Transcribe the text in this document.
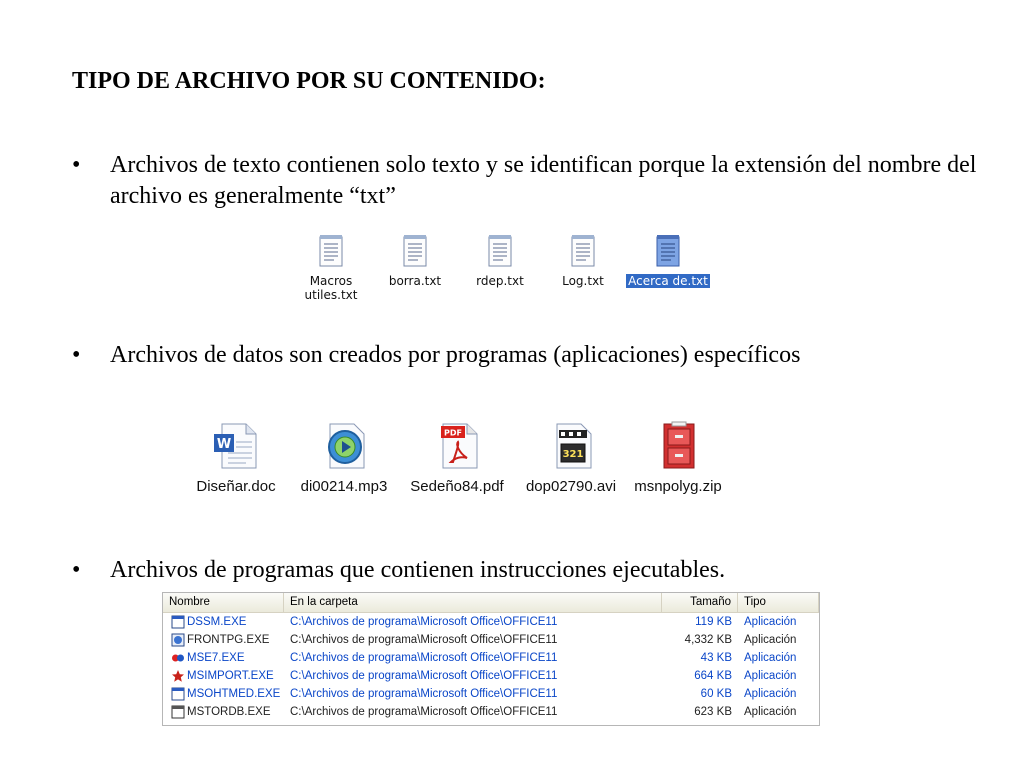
TIPO DE ARCHIVO POR SU CONTENIDO:
• Archivos de texto contienen solo texto y se identifican porque la extensión del nombre del archivo es generalmente “txt”
Macros
utiles.txt
borra.txt	rdep.txt	Log.txt	Acerca de.txt
• Archivos de datos son creados por programas (aplicaciones) específicos
W
Diseñar.doc	di00214.mp3
PDF
Sedeño84.pdf
321
dop02790.avi	msnpolyg.zip
• Archivos de programas que contienen instrucciones ejecutables.
Nombre	En la carpeta	Tamaño	Tipo
DSSM.EXE	C:\Archivos de programa\Microsoft Office\OFFICE11	119 KB	Aplicación
FRONTPG.EXE	C:\Archivos de programa\Microsoft Office\OFFICE11	4,332 KB	Aplicación
MSE7.EXE	C:\Archivos de programa\Microsoft Office\OFFICE11	43 KB	Aplicación
MSIMPORT.EXE	C:\Archivos de programa\Microsoft Office\OFFICE11	664 KB	Aplicación
MSOHTMED.EXE C:\Archivos de programa\Microsoft Office\OFFICE11	60 KB	Aplicación
MSTORDB.EXE	C:\Archivos de programa\Microsoft Office\OFFICE11	623 KB	Aplicación
